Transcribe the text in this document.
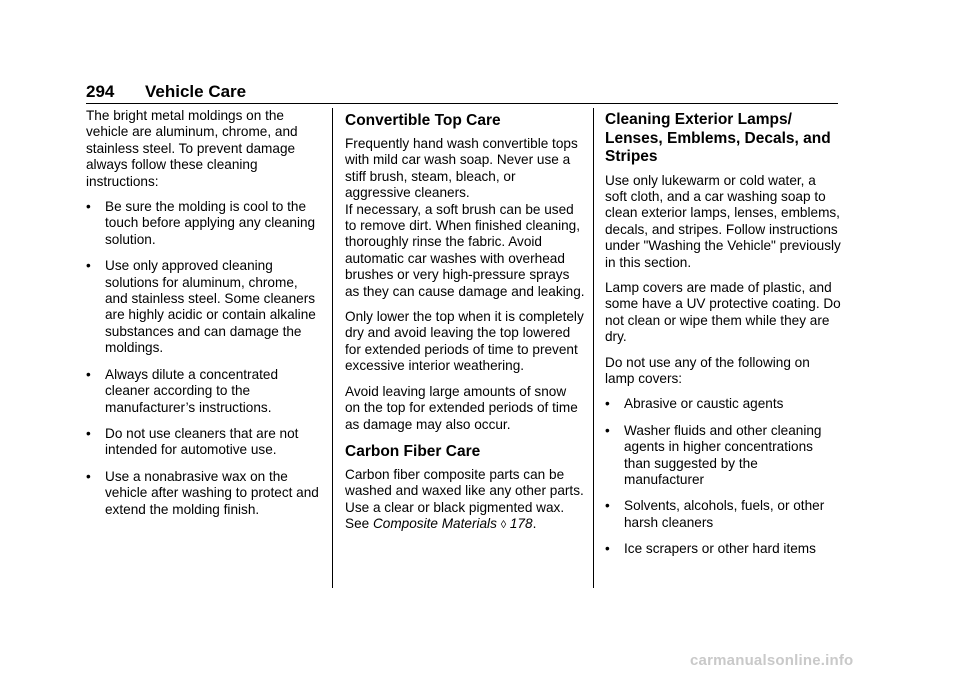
294 Vehicle Care

The bright metal moldings on the vehicle are aluminum, chrome, and stainless steel. To prevent damage always follow these cleaning instructions:

• Be sure the molding is cool to the touch before applying any cleaning solution.
• Use only approved cleaning solutions for aluminum, chrome, and stainless steel. Some cleaners are highly acidic or contain alkaline substances and can damage the moldings.
• Always dilute a concentrated cleaner according to the manufacturer’s instructions.
• Do not use cleaners that are not intended for automotive use.
• Use a nonabrasive wax on the vehicle after washing to protect and extend the molding finish.
Convertible Top Care

Frequently hand wash convertible tops with mild car wash soap. Never use a stiff brush, steam, bleach, or aggressive cleaners.

If necessary, a soft brush can be used to remove dirt. When finished cleaning, thoroughly rinse the fabric. Avoid automatic car washes with overhead brushes or very high-pressure sprays as they can cause damage and leaking.

Only lower the top when it is completely dry and avoid leaving the top lowered for extended periods of time to prevent excessive interior weathering.

Avoid leaving large amounts of snow on the top for extended periods of time as damage may also occur.

Carbon Fiber Care

Carbon fiber composite parts can be washed and waxed like any other parts. Use a clear or black pigmented wax. See Composite Materials ◊ 178.

Cleaning Exterior Lamps/ Lenses, Emblems, Decals, and Stripes

Use only lukewarm or cold water, a soft cloth, and a car washing soap to clean exterior lamps, lenses, emblems, decals, and stripes. Follow instructions under "Washing the Vehicle" previously in this section.

Lamp covers are made of plastic, and some have a UV protective coating. Do not clean or wipe them while they are dry.

Do not use any of the following on lamp covers:

• Abrasive or caustic agents
• Washer fluids and other cleaning agents in higher concentrations than suggested by the manufacturer
• Solvents, alcohols, fuels, or other harsh cleaners
• Ice scrapers or other hard items
carmanualsonline.info
